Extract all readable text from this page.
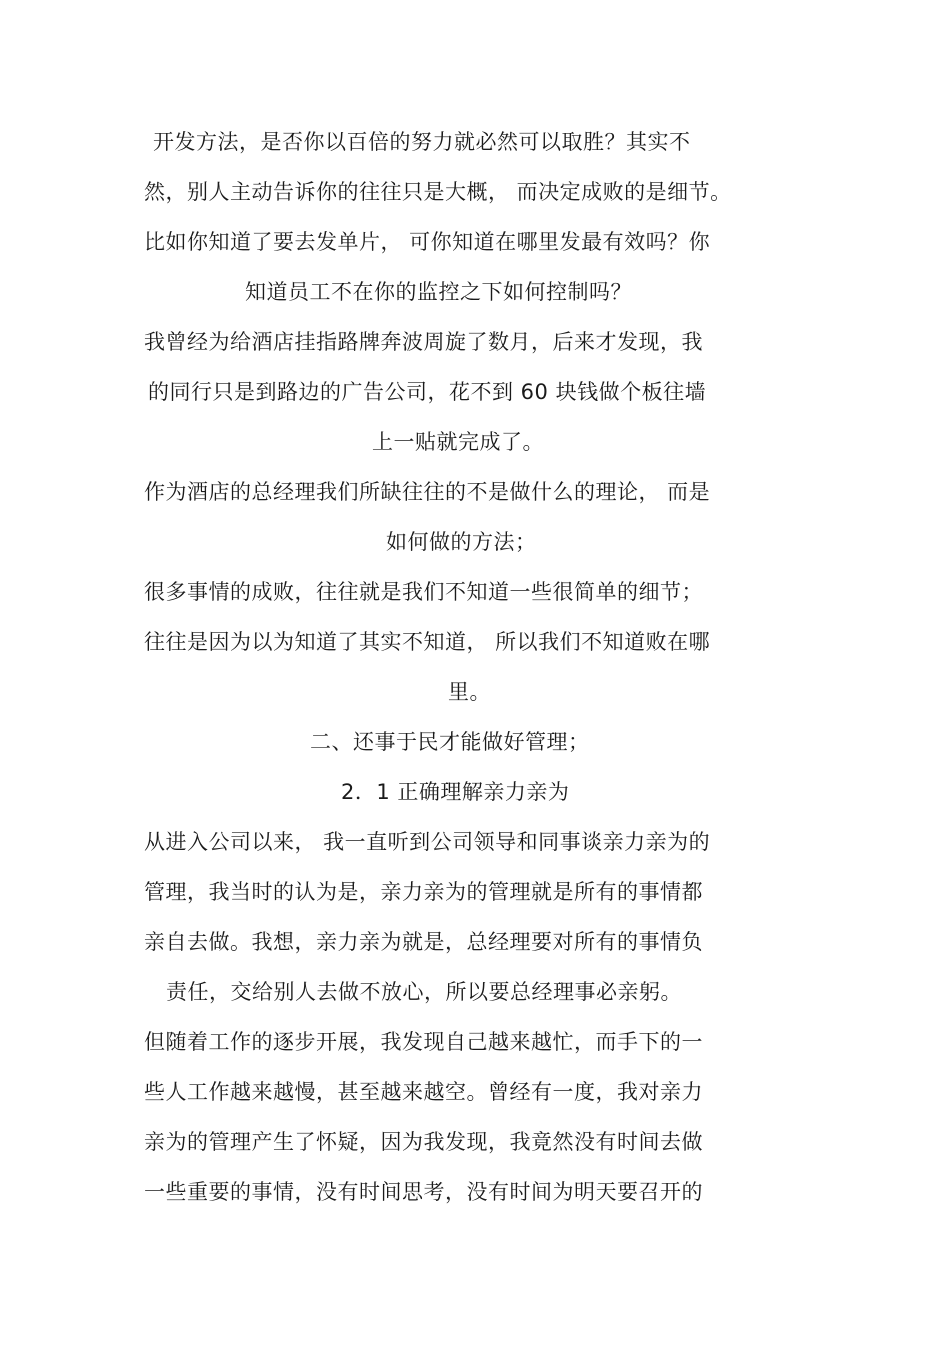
开发方法，是否你以百倍的努力就必然可以取胜？其实不
然，别人主动告诉你的往往只是大概， 而决定成败的是细节。
比如你知道了要去发单片， 可你知道在哪里发最有效吗？你
知道员工不在你的监控之下如何控制吗？
我曾经为给酒店挂指路牌奔波周旋了数月，后来才发现，我
的同行只是到路边的广告公司，花不到 60 块钱做个板往墙
上一贴就完成了。
作为酒店的总经理我们所缺往往的不是做什么的理论， 而是
如何做的方法；
很多事情的成败，往往就是我们不知道一些很简单的细节；
往往是因为以为知道了其实不知道， 所以我们不知道败在哪
里。
二、还事于民才能做好管理；
2．1 正确理解亲力亲为
从进入公司以来， 我一直听到公司领导和同事谈亲力亲为的
管理，我当时的认为是，亲力亲为的管理就是所有的事情都
亲自去做。我想，亲力亲为就是，总经理要对所有的事情负
责任，交给别人去做不放心，所以要总经理事必亲躬。
但随着工作的逐步开展，我发现自己越来越忙，而手下的一
些人工作越来越慢，甚至越来越空。曾经有一度，我对亲力
亲为的管理产生了怀疑，因为我发现，我竟然没有时间去做
一些重要的事情，没有时间思考，没有时间为明天要召开的
